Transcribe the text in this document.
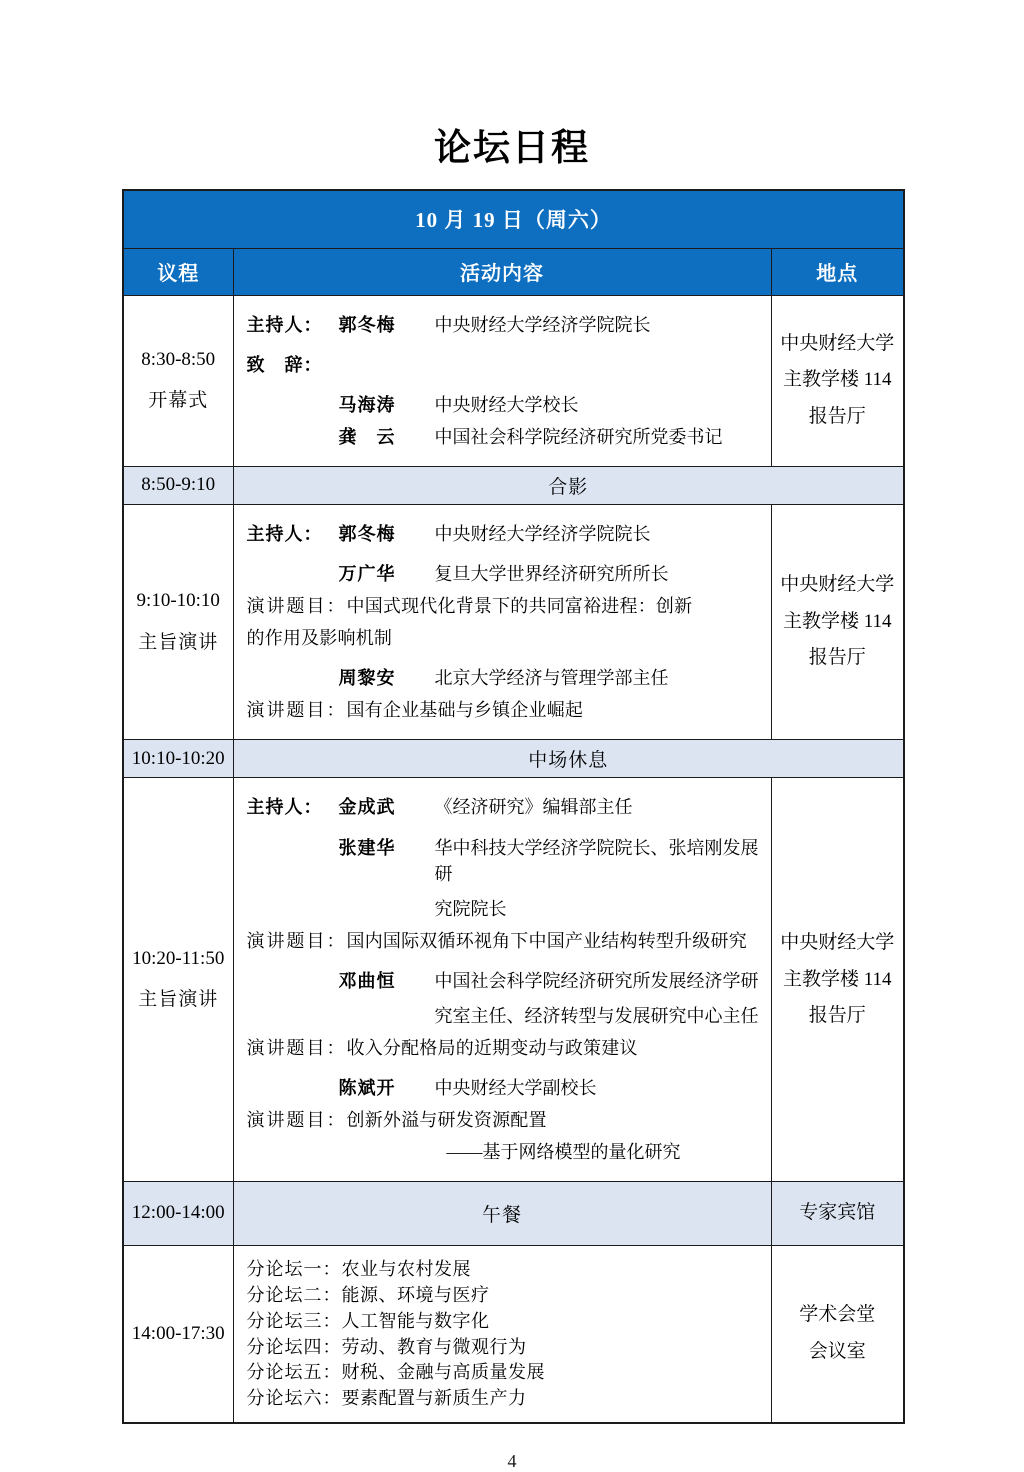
论坛日程
10 月 19 日（周六）		
议程	活动内容	地点

8:30-8:50
开幕式

主持人： 郭冬梅	中央财经大学经济学院院长
致　辞：
马海涛	中央财经大学校长
龚　云	中国社会科学院经济研究所党委书记

中央财经大学
主教学楼 114
报告厅

8:50-9:10	合影	

9:10-10:10
主旨演讲

主持人： 郭冬梅	中央财经大学经济学院院长
万广华	复旦大学世界经济研究所所长
演讲题目：中国式现代化背景下的共同富裕进程：创新
的作用及影响机制
周黎安	北京大学经济与管理学部主任
演讲题目：国有企业基础与乡镇企业崛起

中央财经大学
主教学楼 114
报告厅

10:10-10:20	中场休息	

10:20-11:50
主旨演讲

主持人： 金成武	《经济研究》编辑部主任
张建华	华中科技大学经济学院院长、张培刚发展研
究院院长
演讲题目：国内国际双循环视角下中国产业结构转型升级研究
邓曲恒	中国社会科学院经济研究所发展经济学研
究室主任、经济转型与发展研究中心主任
演讲题目：收入分配格局的近期变动与政策建议
陈斌开	中央财经大学副校长
演讲题目：创新外溢与研发资源配置
——基于网络模型的量化研究

中央财经大学
主教学楼 114
报告厅

12:00-14:00	午餐	专家宾馆

14:00-17:30

分论坛一：农业与农村发展
分论坛二：能源、环境与医疗
分论坛三：人工智能与数字化
分论坛四：劳动、教育与微观行为
分论坛五：财税、金融与高质量发展
分论坛六：要素配置与新质生产力

学术会堂
会议室
4
